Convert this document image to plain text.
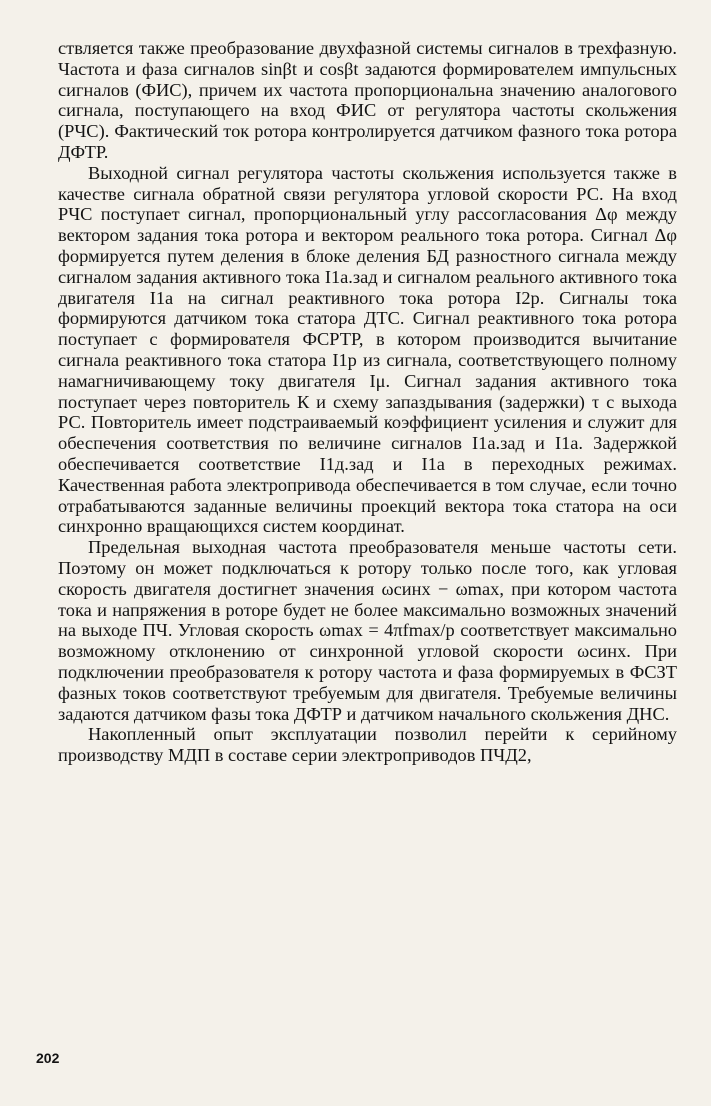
ствляется также преобразование двухфазной системы сигналов в трехфазную. Частота и фаза сигналов sinβt и cosβt задаются формирователем импульсных сигналов (ФИС), причем их частота пропорциональна значению аналогового сигнала, поступающего на вход ФИС от регулятора частоты скольжения (РЧС). Фактический ток ротора контролируется датчиком фазного тока ротора ДФТР.

Выходной сигнал регулятора частоты скольжения используется также в качестве сигнала обратной связи регулятора угловой скорости РС. На вход РЧС поступает сигнал, пропорциональный углу рассогласования Δφ между вектором задания тока ротора и вектором реального тока ротора. Сигнал Δφ формируется путем деления в блоке деления БД разностного сигнала между сигналом задания активного тока I1a.зад и сигналом реального активного тока двигателя I1a на сигнал реактивного тока ротора I2p. Сигналы тока формируются датчиком тока статора ДТС. Сигнал реактивного тока ротора поступает с формирователя ФСРТР, в котором производится вычитание сигнала реактивного тока статора I1p из сигнала, соответствующего полному намагничивающему току двигателя Iμ. Сигнал задания активного тока поступает через повторитель К и схему запаздывания (задержки) τ с выхода РС. Повторитель имеет подстраиваемый коэффициент усиления и служит для обеспечения соответствия по величине сигналов I1a.зад и I1a. Задержкой обеспечивается соответствие I1д.зад и I1a в переходных режимах. Качественная работа электропривода обеспечивается в том случае, если точно отрабатываются заданные величины проекций вектора тока статора на оси синхронно вращающихся систем координат.

Предельная выходная частота преобразователя меньше частоты сети. Поэтому он может подключаться к ротору только после того, как угловая скорость двигателя достигнет значения ωсинх − ωmax, при котором частота тока и напряжения в роторе будет не более максимально возможных значений на выходе ПЧ. Угловая скорость ωmax = 4πfmax/p соответствует максимально возможному отклонению от синхронной угловой скорости ωсинх. При подключении преобразователя к ротору частота и фаза формируемых в ФСЗТ фазных токов соответствуют требуемым для двигателя. Требуемые величины задаются датчиком фазы тока ДФТР и датчиком начального скольжения ДНС.

Накопленный опыт эксплуатации позволил перейти к серийному производству МДП в составе серии электроприводов ПЧД2,

202
